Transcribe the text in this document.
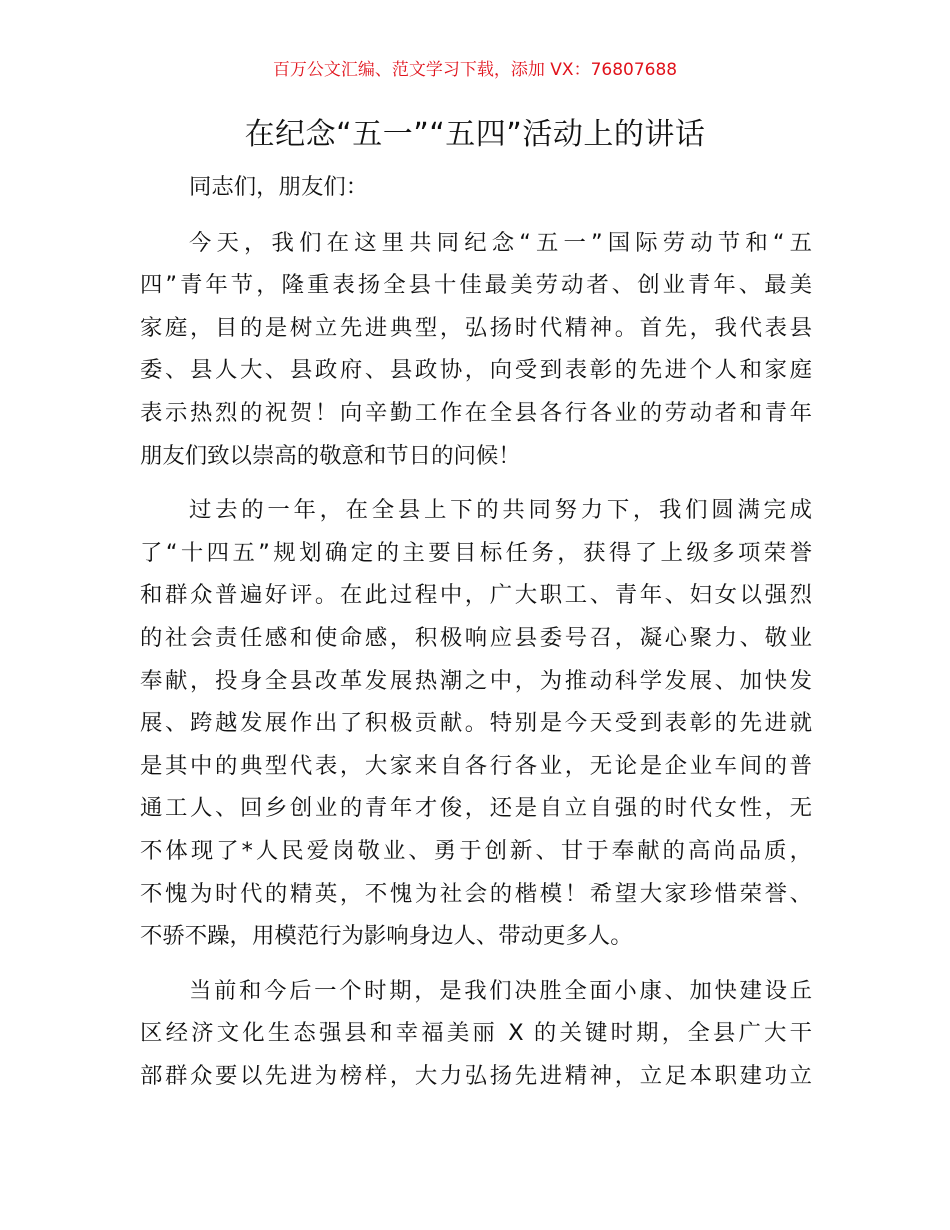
百万公文汇编、范文学习下载，添加 VX：76807688
在纪念“五一”“五四”活动上的讲话

同志们，朋友们：

今天，我们在这里共同纪念“五一”国际劳动节和“五
四”青年节，隆重表扬全县十佳最美劳动者、创业青年、最美
家庭，目的是树立先进典型，弘扬时代精神。首先，我代表县
委、县人大、县政府、县政协，向受到表彰的先进个人和家庭
表示热烈的祝贺！向辛勤工作在全县各行各业的劳动者和青年
朋友们致以崇高的敬意和节日的问候！
过去的一年，在全县上下的共同努力下，我们圆满完成
了“十四五”规划确定的主要目标任务，获得了上级多项荣誉
和群众普遍好评。在此过程中，广大职工、青年、妇女以强烈
的社会责任感和使命感，积极响应县委号召，凝心聚力、敬业
奉献，投身全县改革发展热潮之中，为推动科学发展、加快发
展、跨越发展作出了积极贡献。特别是今天受到表彰的先进就
是其中的典型代表，大家来自各行各业，无论是企业车间的普
通工人、回乡创业的青年才俊，还是自立自强的时代女性，无
不体现了*人民爱岗敬业、勇于创新、甘于奉献的高尚品质，
不愧为时代的精英，不愧为社会的楷模！希望大家珍惜荣誉、
不骄不躁，用模范行为影响身边人、带动更多人。
当前和今后一个时期，是我们决胜全面小康、加快建设丘
区经济文化生态强县和幸福美丽 X 的关键时期，全县广大干
部群众要以先进为榜样，大力弘扬先进精神，立足本职建功立
